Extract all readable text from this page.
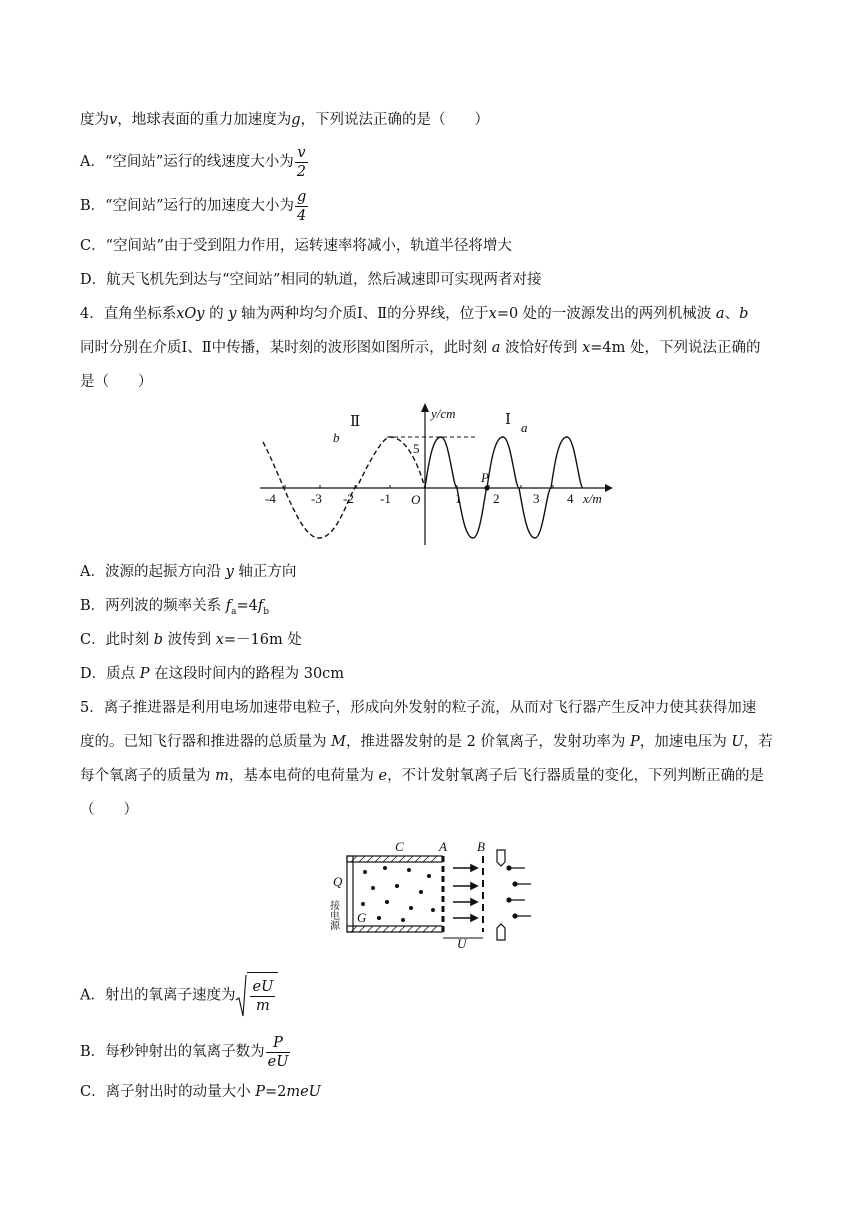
度为v，地球表面的重力加速度为g，下列说法正确的是（　　）
A．“空间站”运行的线速度大小为 $\frac{v}{2}$
B．“空间站”运行的加速度大小为 $\frac{g}{4}$
C．“空间站”由于受到阻力作用，运转速率将减小，轨道半径将增大
D．航天飞机先到达与“空间站”相同的轨道，然后减速即可实现两者对接
4．直角坐标系xOy 的 y 轴为两种均匀介质Ⅰ、Ⅱ的分界线，位于x=0 处的一波源发出的两列机械波 a、b
同时分别在介质Ⅰ、Ⅱ中传播，某时刻的波形图如图所示，此时刻 a 波恰好传到 x=4m 处，下列说法正确的
是（　　）
-4	-3 -2 -1	1 2	3 4
O
5
y/cm
x/m
P
Ⅱ	Ⅰ
b
a
A．波源的起振方向沿 y 轴正方向
B．两列波的频率关系 $f_a=4f_b$
C．此时刻 b 波传到 x=－16m 处
D．质点 P 在这段时间内的路程为 30cm
5．离子推进器是利用电场加速带电粒子，形成向外发射的粒子流，从而对飞行器产生反冲力使其获得加速
度的。已知飞行器和推进器的总质量为 M，推进器发射的是 2 价氧离子，发射功率为 P，加速电压为 U，若
每个氧离子的质量为 m，基本电荷的电荷量为 e，不计发射氧离子后飞行器质量的变化，下列判断正确的是
（　　）
C	A B
Q
G
U
接电源
A．射出的氧离子速度为 $\frac{eU}{m}$
B．每秒钟射出的氧离子数为 $\frac{P}{eU}$
C．离子射出时的动量大小 P=2meU
